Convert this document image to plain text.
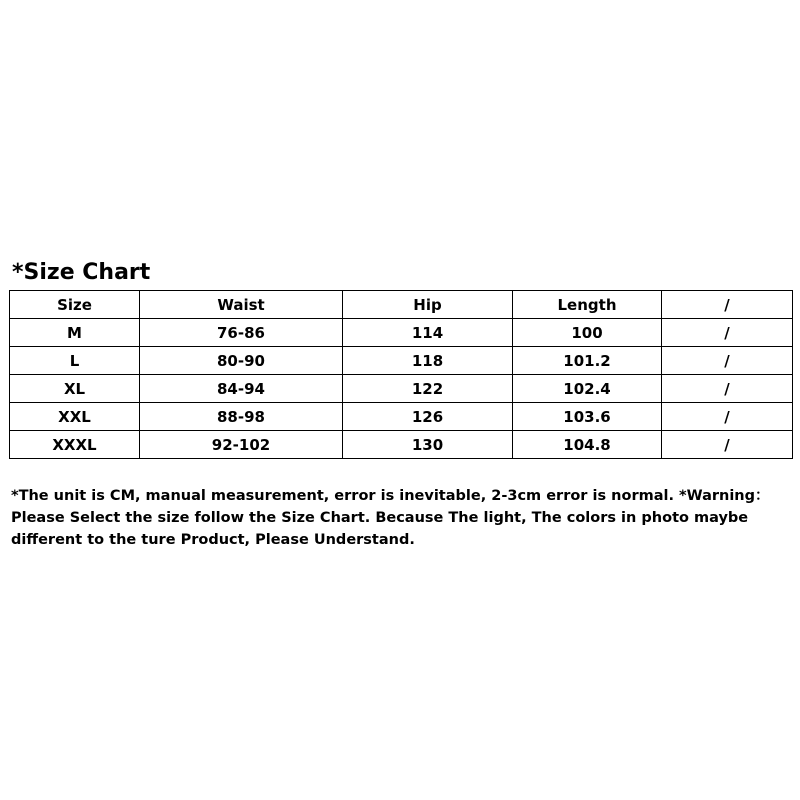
*Size Chart
Size	Waist	Hip	Length	/
M	76-86	114	100	/
L	80-90	118	101.2	/
XL	84-94	122	102.4	/
XXL	88-98	126	103.6	/
XXXL	92-102	130	104.8	/
*The unit is CM, manual measurement, error is inevitable, 2-3cm error is normal. *Warning：
Please Select the size follow the Size Chart. Because The light, The colors in photo maybe
different to the ture Product, Please Understand.
